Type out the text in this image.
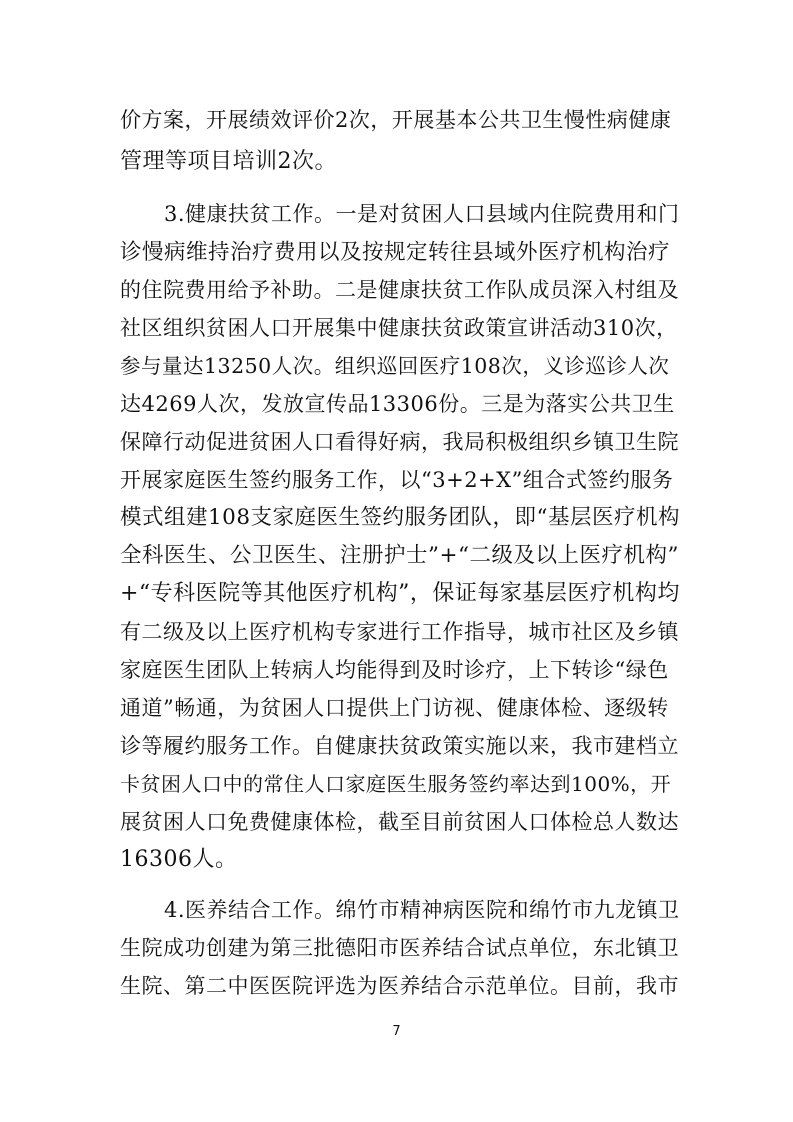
价方案，开展绩效评价2次，开展基本公共卫生慢性病健康
管理等项目培训2次。
3.健康扶贫工作。一是对贫困人口县域内住院费用和门
诊慢病维持治疗费用以及按规定转往县域外医疗机构治疗
的住院费用给予补助。二是健康扶贫工作队成员深入村组及
社区组织贫困人口开展集中健康扶贫政策宣讲活动310次，
参与量达13250人次。组织巡回医疗108次，义诊巡诊人次
达4269人次，发放宣传品13306份。三是为落实公共卫生
保障行动促进贫困人口看得好病，我局积极组织乡镇卫生院
开展家庭医生签约服务工作，以“3+2+X”组合式签约服务
模式组建108支家庭医生签约服务团队，即“基层医疗机构
全科医生、公卫医生、注册护士”+“二级及以上医疗机构”
+“专科医院等其他医疗机构”，保证每家基层医疗机构均
有二级及以上医疗机构专家进行工作指导，城市社区及乡镇
家庭医生团队上转病人均能得到及时诊疗，上下转诊“绿色
通道”畅通，为贫困人口提供上门访视、健康体检、逐级转
诊等履约服务工作。自健康扶贫政策实施以来，我市建档立
卡贫困人口中的常住人口家庭医生服务签约率达到100%，开
展贫困人口免费健康体检，截至目前贫困人口体检总人数达
16306人。
4.医养结合工作。绵竹市精神病医院和绵竹市九龙镇卫
生院成功创建为第三批德阳市医养结合试点单位，东北镇卫
生院、第二中医医院评选为医养结合示范单位。目前，我市
7
